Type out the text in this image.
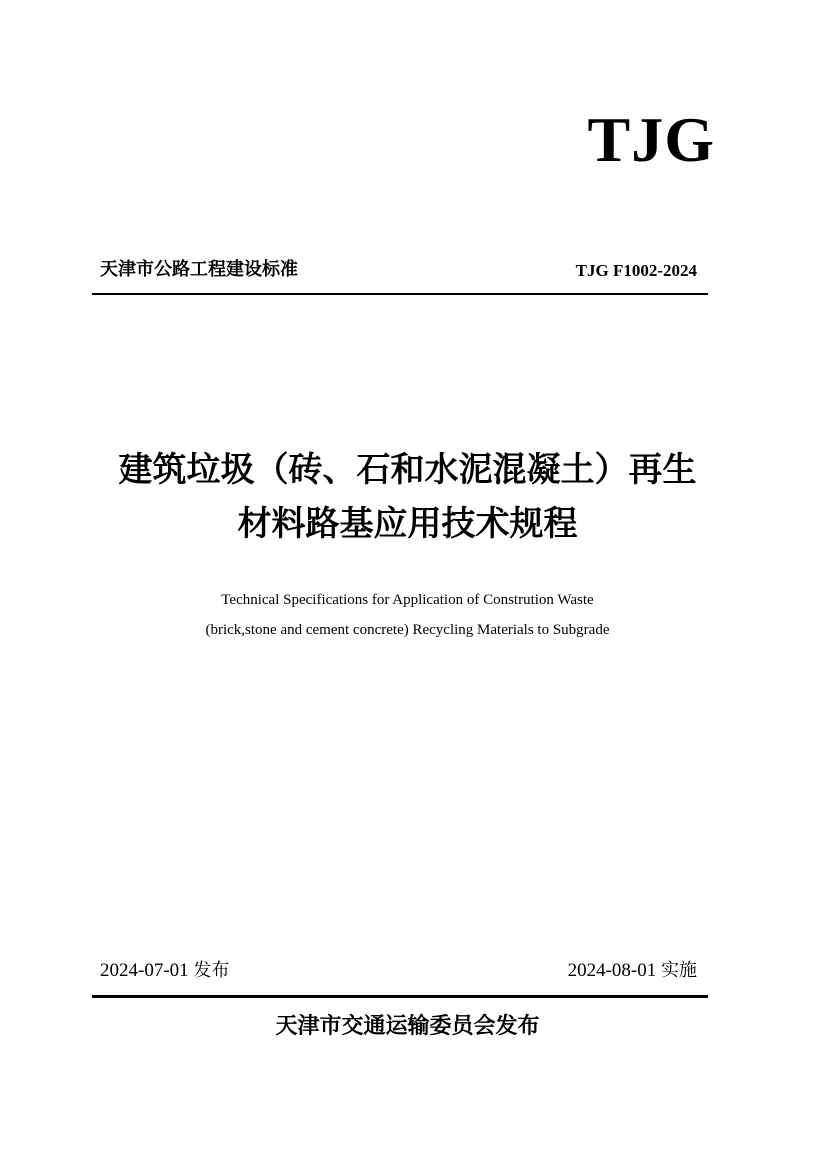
TJG
天津市公路工程建设标准	TJG F1002-2024
建筑垃圾（砖、石和水泥混凝土）再生
材料路基应用技术规程
Technical Specifications for Application of Constrution Waste
(brick,stone and cement concrete) Recycling Materials to Subgrade
2024-07-01 发布	2024-08-01 实施
天津市交通运输委员会发布
